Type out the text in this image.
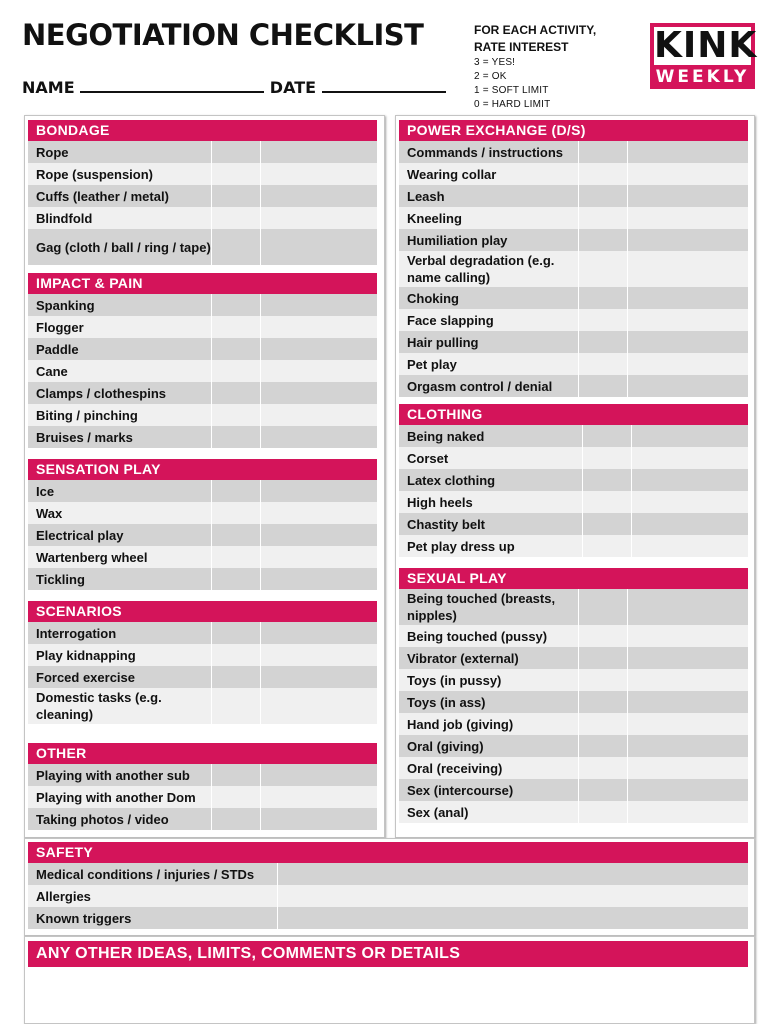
NEGOTIATION CHECKLIST
NAME	DATE
FOR EACH ACTIVITY,
RATE INTEREST
3 = YES!
2 = OK
1 = SOFT LIMIT
0 = HARD LIMIT
KINK
WEEKLY
BONDAGE
Rope
Rope (suspension)
Cuffs (leather / metal)
Blindfold
Gag (cloth / ball / ring / tape)
IMPACT & PAIN
Spanking
Flogger
Paddle
Cane
Clamps / clothespins
Biting / pinching
Bruises / marks
SENSATION PLAY
Ice
Wax
Electrical play
Wartenberg wheel
Tickling
SCENARIOS
Interrogation
Play kidnapping
Forced exercise
Domestic tasks (e.g. cleaning)
OTHER
Playing with another sub
Playing with another Dom
Taking photos / video
POWER EXCHANGE (D/S)
Commands / instructions
Wearing collar
Leash
Kneeling
Humiliation play
Verbal degradation (e.g. name calling)
Choking
Face slapping
Hair pulling
Pet play
Orgasm control / denial
CLOTHING
Being naked
Corset
Latex clothing
High heels
Chastity belt
Pet play dress up
SEXUAL PLAY
Being touched (breasts, nipples)
Being touched (pussy)
Vibrator (external)
Toys (in pussy)
Toys (in ass)
Hand job (giving)
Oral (giving)
Oral (receiving)
Sex (intercourse)
Sex (anal)
SAFETY
Medical conditions / injuries / STDs
Allergies
Known triggers
ANY OTHER IDEAS, LIMITS, COMMENTS OR DETAILS
